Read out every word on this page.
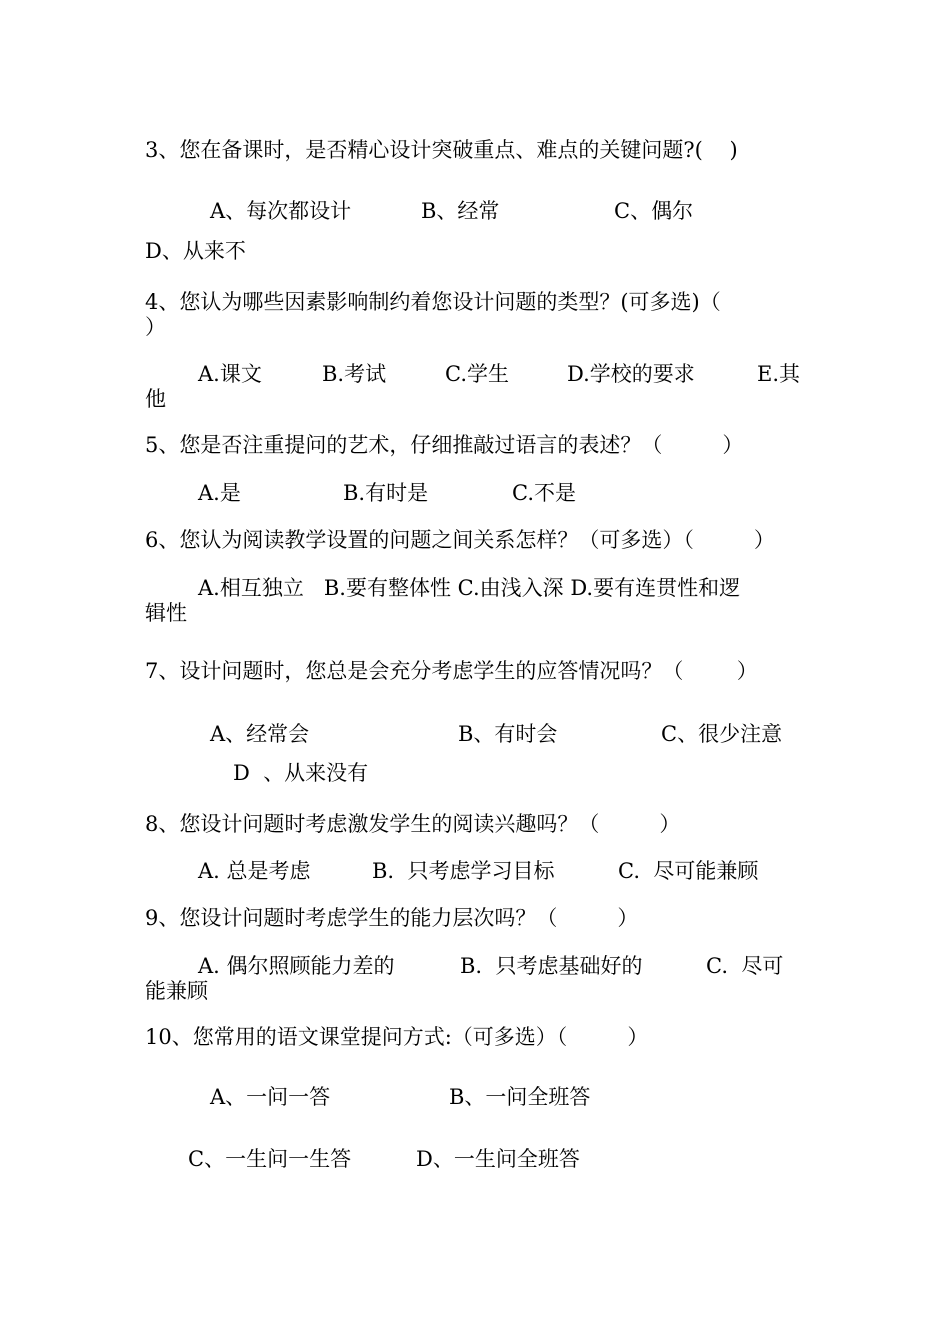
3、您在备课时，是否精心设计突破重点、难点的关键问题?(    )

A、每次都设计	B、经常	C、偶尔

D、从来不

4、您认为哪些因素影响制约着您设计问题的类型？(可多选)（

）

A.课文	B.考试	C.学生	D.学校的要求	E.其

他

5、您是否注重提问的艺术，仔细推敲过语言的表述？（         ）

A.是	B.有时是	C.不是

6、您认为阅读教学设置的问题之间关系怎样？（可多选）（         ）

A.相互独立   B.要有整体性 C.由浅入深 D.要有连贯性和逻

辑性

7、设计问题时，您总是会充分考虑学生的应答情况吗？（        ）

A、经常会	B、有时会	C、很少注意

D  、从来没有

8、您设计问题时考虑激发学生的阅读兴趣吗？（         ）

A. 总是考虑	B.  只考虑学习目标	C.  尽可能兼顾

9、您设计问题时考虑学生的能力层次吗？（         ）

A. 偶尔照顾能力差的	B.  只考虑基础好的	C.  尽可

能兼顾

10、您常用的语文课堂提问方式:（可多选）（         ）

A、一问一答	B、一问全班答

C、一生问一生答	D、一生问全班答
